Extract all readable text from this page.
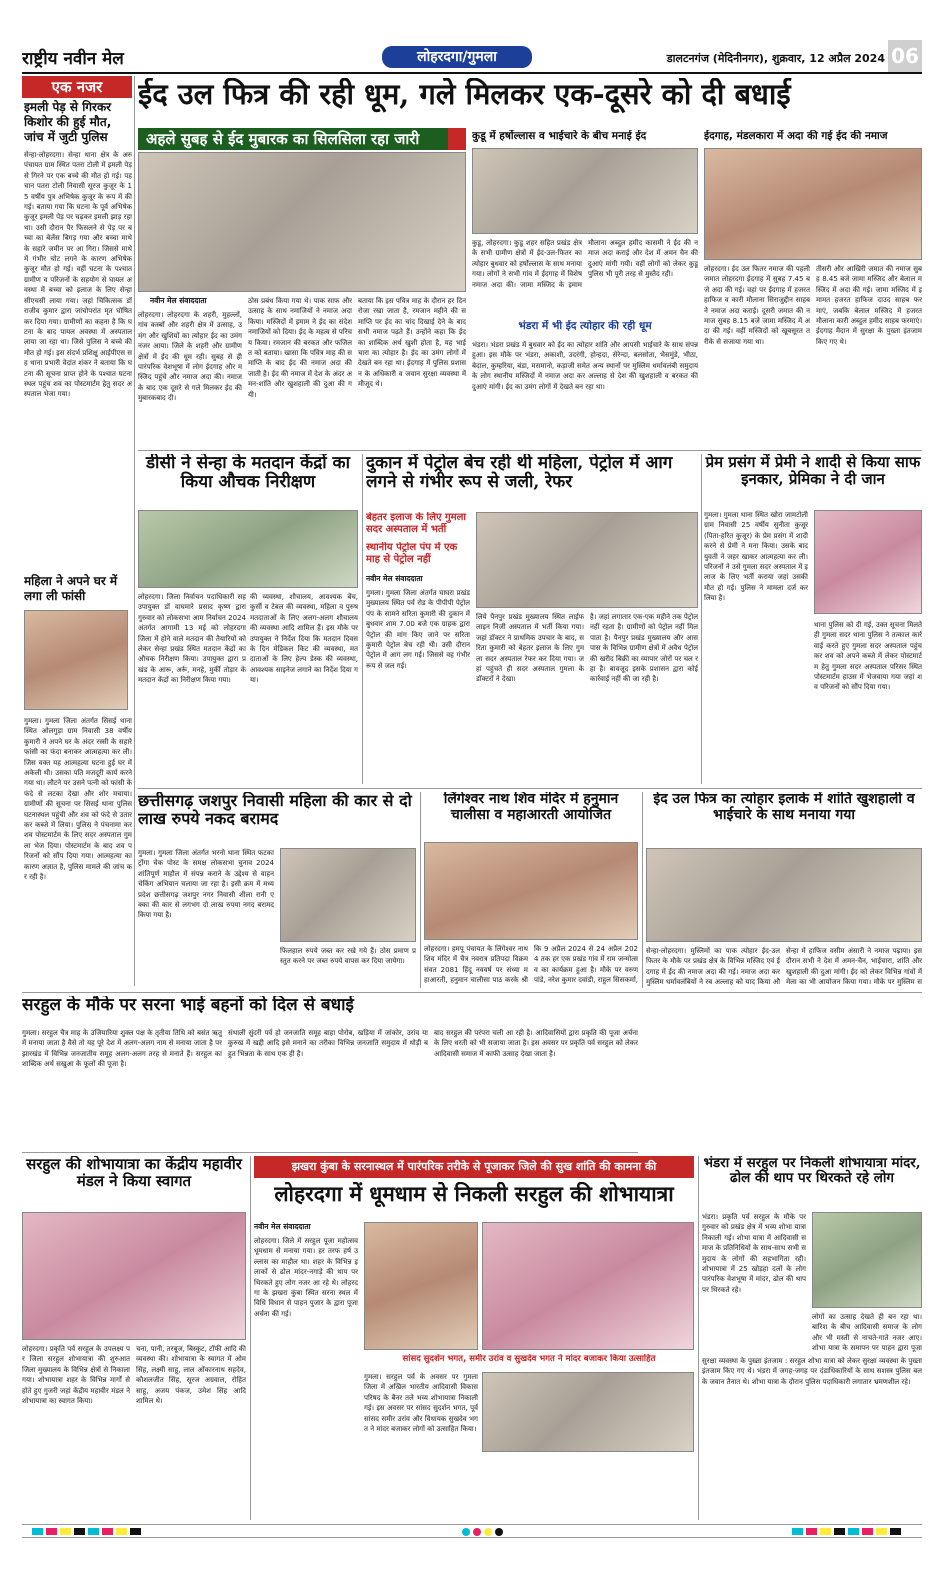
राष्ट्रीय नवीन मेल	लोहरदगा/गुमला	डालटनगंज (मेदिनीनगर), शुक्रवार, 12 अप्रैल 2024 06
एक नजर
इमली पेड़ से गिरकर किशोर की हुई मौत, जांच में जुटी पुलिस
सेन्हा-लोहरदगा। सेन्हा थाना क्षेत्र के अरु पंचायत ग्राम स्थित पतरा टोली में इमली पेड़ से गिरने पर एक बच्चे की मौत हो गई। पहचान पतरा टोली निवासी सूरज कुजूर के 15 वर्षीय पुत्र अभिषेक कुजूर के रूप में की गई। बताया गया कि घटना के पूर्व अभिषेक कुजूर इमली पेड़ पर चढ़कर इमली झाड़ रहा था। उसी दौरान पैर फिसलने से पेड़ पर बच्चा का बेलेंस बिगड़ गया और बच्चा माथे के सहारे जमीन पर आ गिरा। जिससे माथे में गंभीर चोट लगने के कारण अभिषेक कुजूर मौत हो गई। वहीं घटना के पश्चात ग्रामीण व परिजनों के सहयोग से घायल अवस्था में बच्चा को इलाज के लिए सेन्हा सीएचसी लाया गया। जहां चिकित्सक डॉ राजीव कुमार द्वारा जांचोपरांत मृत घोषित कर दिया गया। ग्रामीणों का कहना है कि घटना के बाद पायल अवस्था में अस्पताल लाया जा रहा था। जिसे पुलिस ने बच्चे की मौत हो गई। इस संदर्भ प्रशिक्षु आईपीएस सह थाना प्रभारी वेदांत शंकर ने बताया कि घटना की सूचना प्राप्त होने के पश्चात घटना स्थल पहुंच शव का पोस्टमार्टम हेतु सदर अस्पताल भेजा गया।
महिला ने अपने घर में लगा ली फांसी
गुमला। गुमला जिला अंतर्गत सिसई थाना स्थित ओलगुड़ा ग्राम निवासी 38 वर्षीय कुमारी ने अपने घर के अंदर रस्सी के सहारे फांसी का फंदा बनाकर आत्महत्या कर ली। जिस वक्त यह आत्महत्या घटना हुई घर में अकेली थी। उसका पति मजदूरी कार्य करने गया था। लौटने पर उसने पत्नी को फांसी के फंदे से लटका देखा और शोर मचाया। ग्रामीणों की सूचना पर सिसई थाना पुलिस घटनास्थल पहुंची और शव को फंदे से उतारकर कब्जे में लिया। पुलिस ने पंचनामा कर शव पोस्टमार्टम के लिए सदर अस्पताल गुमला भेज दिया। पोस्टमार्टम के बाद शव परिजनों को सौंप दिया गया। आत्महत्या का कारण अज्ञात है, पुलिस मामले की जांच कर रही है।
ईद उल फित्र की रही धूम, गले मिलकर एक-दूसरे को दी बधाई
अहले सुबह से ईद मुबारक का सिलसिला रहा जारी	कुडू में हर्षोल्लास व भाईचारे के बीच मनाई ईद	ईदगाह, मंडलकारा में अदा की गई ईद की नमाज
नवीन मेल संवाददाता
लोहरदगा। लोहरदगा के शहरी, मुहल्लों, गांव कस्बों और शहरी क्षेत्र में उत्साह, उमंग और खुशियों का त्योहार ईद का उमंग नजर आया। जिले के शहरी और ग्रामीण क्षेत्रों में ईद की धूम रही। सुबह से ही पारंपरिक वेशभूषा में लोग ईदगाह और मस्जिद पहुंचे और नमाज अदा की। नमाज के बाद एक दूसरे से गले मिलकर ईद की मुबारकबाद दी।
ठोस प्रबंध किया गया थे। पाक साफ और उत्साह के साथ नमाजियों ने नमाज अदा किया। मस्जिदों में इमाम ने ईद का संदेश नमाजियों को दिया। ईद के महत्व से परिचय किया। रमजान की बरकत और फजिलत को बताया। खासा कि पवित्र माह की समाप्ति के बाद ईद की नमाज अदा की जाती है। ईद की नमाज में देश के अंदर अमन-शांति और खुशहाली की दुआ की गयी।
बताया कि इस पवित्र माह के दौरान हर दिन रोजा रखा जाता है, रमजान महीने की समाप्ति पर ईद का चांद दिखाई देने के बाद सभी नमाज पढ़ते हैं। उन्होंने कहा कि ईद का शाब्दिक अर्थ खुशी होता है, यह भाईचारा का त्योहार है। ईद का उमंग लोगों में देखते बन रहा था। ईदगाह में पुलिस प्रशासन के अधिकारी व जवान सुरक्षा व्यवस्था में मौजूद थे।
कुडू, लोहरदगा। कुडू शहर सहित प्रखंड क्षेत्र के सभी ग्रामीण क्षेत्रों में ईद-उल-फितर का त्योहार बुधवार को हर्षोल्लास के साथ मनाया गया। लोगों ने सभी गांव में ईदगाह में विशेष नमाज अदा की। जामा मस्जिद के इमाम मौलाना अब्दुल हमीद कासमी ने ईद की नमाज अदा कराई और देश में अमन चैन की दुआएं मांगी गयी। वहीं लोगों को लेकर कुडू पुलिस भी पूरी तरह से मुस्तैद रही।
भंडरा में भी ईद त्योहार की रही धूम
भंडरा। भंडरा प्रखंड में बुधवार को ईद का त्योहार शांति और आपसी भाईचारे के साथ संपन्न हुआ। इस मौके पर भंडरा, अकाशी, उदरंगी, होन्हदा, सेरेन्दा, बलसोता, भैसमुंडे, भीठा, बेदाल, कुम्हरिया, बंडा, मसमानो, कड़ाजी समेत अन्य स्थानों पर मुस्लिम धर्मावलंबी समुदाय के लोग स्थानीय मस्जिदों में नमाज अदा कर अल्लाह से देश की खुशहाली व बरकत की दुआएं मांगी। ईद का उमंग लोगों में देखते बन रहा था।
लोहरदगा। ईद उल फितर नमाज की पहली जमात लोहरदगा ईदगाह में सुबह 7.45 बजे अदा की गई। वहां पर ईदगाह में हजरत हाफिज व कारी मौलाना सिराजुद्दीन साहब ने नमाज अदा कराई। दूसरी जमात की नमाज सुबह 8.15 बजे जामा मस्जिद में अदा की गई। वहीं मस्जिदों को खूबसूरत तरीके से सजाया गया था।
तीसरी और आखिरी जमात की नमाज सुबह 8.45 बजे जामा मस्जिद और बेलाल मस्जिद में अदा की गई। जामा मस्जिद में इमामत हजरत हाफिज दाउद साहब फरमाएं, जबकि बेलाल मस्जिद में हजरत मौलाना कारी अब्दुल हमीद साहब फरमाएं। ईदगाह मैदान में सुरक्षा के पुख्ता इंतजाम किए गए थे।
डीसी ने सेन्हा के मतदान केंद्रों का किया औचक निरीक्षण
लोहरदगा। जिला निर्वाचन पदाधिकारी सह उपायुक्त डॉ वाघमारे प्रसाद कृष्ण द्वारा गुरुवार को लोकसभा आम निर्वाचन 2024 अंतर्गत आगामी 13 मई को लोहरदगा जिला में होने वाले मतदान की तैयारियों को लेकर सेन्हा प्रखंड स्थित मतदान केंद्रों का औचक निरीक्षण किया। उपायुक्त द्वारा प्रखंड के आरू, अर्रू, मनहे, मुर्की तोड़ार के मतदान केंद्रों का निरीक्षण किया गया।
की व्यवस्था, शौचालय, आवश्यक बेंच, कुर्सी व टेबल की व्यवस्था, महिला व पुरुष मतदाताओं के लिए अलग-अलग शौचालय की व्यवस्था आदि शामिल हैं। इस मौके पर उपायुक्त ने निर्देश दिया कि मतदान दिवस के दिन मेडिकल किट की व्यवस्था, मतदाताओं के लिए हेल्प डेस्क की व्यवस्था, आवश्यक साइनेज लगाने का निर्देश दिया गया।
दुकान में पेट्रोल बेच रही थी महिला, पेट्रोल में आग लगने से गंभीर रूप से जली, रेफर
बेहतर इलाज के लिए गुमला सदर अस्पताल में भर्ती
स्थानीय पेट्रोल पंप में एक माह से पेट्रोल नहीं
नवीन मेल संवाददाता
गुमला। गुमला जिला अंतर्गत घाघरा प्रखंड मुख्यालय स्थित पर्व रोड के पीपीपी पेट्रोल पंप के सामने सरिता कुमारी की दुकान में बुधवार शाम 7.00 बजे एक ग्राहक द्वारा पेट्रोल की मांग किए जाने पर सरिता कुमारी पेट्रोल बेच रही थी। उसी दौरान पेट्रोल में आग लग गई। जिससे वह गंभीर रूप से जल गई।
लिये पैनपुर प्रखंड मुख्यालय स्थित लाईफ लाइन निजी अस्पताल में भर्ती किया गया। जहां डॉक्टर ने प्राथमिक उपचार के बाद, सरिता कुमारी को बेहतर इलाज के लिए गुमला सदर अस्पताल रेफर कर दिया गया। जहां पहुंचते ही सदर अस्पताल गुमला के डॉक्टरों ने देखा।
है। जहां लगातार एक-एक महीने तक पेट्रोल नहीं रहता है। ग्रामीणों को पेट्रोल नहीं मिल पाता है। पैनपुर प्रखंड मुख्यालय और आसपास के विभिन्न ग्रामीण क्षेत्रों में अवैध पेट्रोल की खरीद बिक्री का व्यापार जोरों पर चल रहा है। बावजूद इसके प्रशासन द्वारा कोई कार्रवाई नहीं की जा रही है।
प्रेम प्रसंग में प्रेमी ने शादी से किया साफ इनकार, प्रेमिका ने दी जान
गुमला। गुमला थाना स्थित खोरा जामटोली ग्राम निवासी 25 वर्षीय सुनीता कुजूर (पिता-हरित कुजूर) के प्रेम प्रसंग में शादी करने से प्रेमी ने मना किया। उसके बाद युवती ने जहर खाकर आत्महत्या कर ली। परिजनों ने उसे गुमला सदर अस्पताल में इलाज के लिए भर्ती कराया जहां उसकी मौत हो गई। पुलिस ने मामला दर्ज कर लिया है।
थाना पुलिस को दी गई, उक्त सूचना मिलते ही गुमला सदर थाना पुलिस ने तत्काल कार्रवाई करते हुए गुमला सदर अस्पताल पहुंचकर शव को अपने कब्जे में लेकर पोस्टमार्टम हेतु गुमला सदर अस्पताल परिसर स्थित पोस्टमार्टम हाउस में भेजवाया गया जहां शव परिजनों को सौंप दिया गया।
छत्तीसगढ़ जशपुर निवासी महिला की कार से दो लाख रुपये नकद बरामद
गुमला। गुमला जिला अंतर्गत भरनो थाना स्थित फटका ट्रोंगा चेक पोस्ट के समक्ष लोकसभा चुनाव 2024 शांतिपूर्ण माहौल में संपन्न कराने के उद्देश्य से वाहन चेकिंग अभियान चलाया जा रहा है। इसी क्रम में मध्य प्रदेश छत्तीसगढ़ जशपुर नगर निवासी शीला रानी एक्का की कार से लगभग दो लाख रुपया नगद बरामद किया गया है।
फिलहाल रुपये जब्त कर रखे गये हैं। ठोस प्रमाण प्रस्तुत करने पर जब्त रुपये वापस कर दिया जायेगा।
लिंगेश्वर नाथ शिव मंदिर में हनुमान चालीसा व महाआरती आयोजित
लोहरदगा। हमपू पंचायत के लिंगेश्वर नाथ शिव मंदिर में चैत्र नवरात्र प्रतिपदा विक्रम संवत 2081 हिंदू नववर्ष पर संध्या महाआरती, हनुमान चालीसा पाठ करके श्री
कि 9 अप्रैल 2024 से 24 अप्रैल 2024 तक हर एक प्रखंड गांव में राम जन्मोत्सव का कार्यक्रम हुआ है। मौके पर वरुण पांडे, नरेश कुमार दवांडी, राहुल सिसकर्मा,
ईद उल फित्र का त्योहार इलाके में शांति खुशहाली व भाईचारे के साथ मनाया गया
सेन्हा-लोहरदगा। मुस्लिमों का पाक त्योहार ईद-उल फितर के मौके पर प्रखंड क्षेत्र के विभिन्न मस्जिद एवं ईदगाह में ईद की नमाज अदा की गई। नमाज अदा कर मुस्लिम धर्मावलंबियों ने रब अल्लाह को याद किया औ
सेन्हा में हाफिज वसीम अंसारी ने नमाज पढ़ाया। इस दौरान सभी ने देश में अमन-चैन, भाईचारा, शांति और खुशहाली की दुआ मांगी। ईद को लेकर विभिन्न गांवों में मेला का भी आयोजन किया गया। मौके पर मुस्लिम स
सरहुल के मौके पर सरना भाई बहनों को दिल से बधाई
गुमला। सरहुल चैत्र माह के उजियारिया शुक्ल पक्ष के तृतीया तिथि को बसंत ऋतु में मनाया जाता है वैसे तो यह पूरे देश में अलग-अलग नाम से मनाया जाता है पर झारखंड में विभिन्न जनजातीय समूह अलग-अलग तरह से मनाते हैं। सरहुल का शाब्दिक अर्थ सखुआ के फूलों की पूजा है।
संथाली सुंदरी पर्व हो जनजाति समूह बाहा पोरोब, खड़िया में जांकोर, उरांव या कुरुख में खद्दी आदि इसे मनाने का तरीका विभिन्न जनजाति समुदाय में थोड़ी बहुत भिन्नता के साथ एक ही है।
बाद सरहुल की परंपरा चली आ रही है। आदिवासियों द्वारा प्रकृति की पूजा अर्चना के लिए धरती को भी सजाया जाता है। इस अवसर पर प्रकृति पर्व सरहुल को लेकर आदिवासी समाज में काफी उत्साह देखा जाता है।
सरहुल की शोभायात्रा का केंद्रीय महावीर मंडल ने किया स्वागत
लोहरदगा। प्रकृति पर्व सरहुल के उपलक्ष्य पर जिला सरहुल शोभायात्रा की शुरुआत जिला मुख्यालय के विभिन्न क्षेत्रों से निकाला गया। शोभायात्रा शहर के विभिन्न मार्गों से होते हुए गुजरी जहां केंद्रीय महावीर मंडल ने शोभायात्रा का स्वागत किया।
चना, पानी, तरबूज, बिस्कुट, टॉफी आदि की व्यवस्था की। शोभायात्रा के स्वागत में ओम सिंह, लक्ष्मी साहू, लाल ओंकारनाथ सहदेव, कौशलजीत सिंह, सूरज अग्रवाल, रोहित साहू, अजय पंकज, उमेश सिंह आदि शामिल थे।
झखरा कुंबा के सरनास्थल में पारंपरिक तरीके से पूजाकर जिले की सुख शांति की कामना की
लोहरदगा में धूमधाम से निकली सरहुल की शोभायात्रा
नवीन मेल संवाददाता
लोहरदगा। जिले में सरहुल पूजा महोत्सव धूमधाम से मनाया गया। हर तरफ हर्ष उल्लास का माहौल था। शहर के विभिन्न इलाकों से ढोल मांदर-नगाड़े की थाप पर थिरकते हुए लोग नजर आ रहे थे। लोहरदगा के झखरा कुंबा स्थित सरना स्थल में विधि विधान से पाहन पुजार के द्वारा पूजा अर्चना की गई।
सांसद सुदर्शन भगत, समीर उरांव व सुखदेव भगत ने मांदर बजाकर किया उत्साहित
गुमला। सरहुल पर्व के अवसर पर गुमला जिला में अखिल भारतीय आदिवासी विकास परिषद के बैनर तले भव्य शोभायात्रा निकाली गई। इस अवसर पर सांसद सुदर्शन भगत, पूर्व सांसद समीर उरांव और विधायक सुखदेव भगत ने मांदर बजाकर लोगों को उत्साहित किया।
भंडरा में सरहुल पर निकली शोभायात्रा मांदर, ढोल की थाप पर थिरकते रहे लोग
भंडरा। प्रकृति पर्व सरहुल के मौके पर गुरुवार को प्रखंड क्षेत्र में भव्य शोभा यात्रा निकाली गई। शोभा यात्रा में आदिवासी समाज के प्रतिनिधियों के साथ-साथ सभी समुदाय के लोगों की सहभागिता रही। शोभायात्रा में 25 खोड़हा दलों के लोग पारंपरिक वेशभूषा में मांदर, ढोल की थाप पर थिरकते रहे।
लोगों का उत्साह देखते ही बन रहा था। बारिश के बीच आदिवासी समाज के लोग और भी मस्ती से नाचते-गाते नजर आए। शोभा यात्रा के समापन पर पाहन द्वारा पूजा
सुरक्षा व्यवस्था के पुख्ता इंतजाम : सरहुल शोभा यात्रा को लेकर सुरक्षा व्यवस्था के पुख्ता इंतजाम किए गए थे। भंडरा में जगह-जगह पर दंडाधिकारियों के साथ सशस्त्र पुलिस बल के जवान तैनात थे। शोभा यात्रा के दौरान पुलिस पदाधिकारी लगातार भ्रमणशील रहे।
